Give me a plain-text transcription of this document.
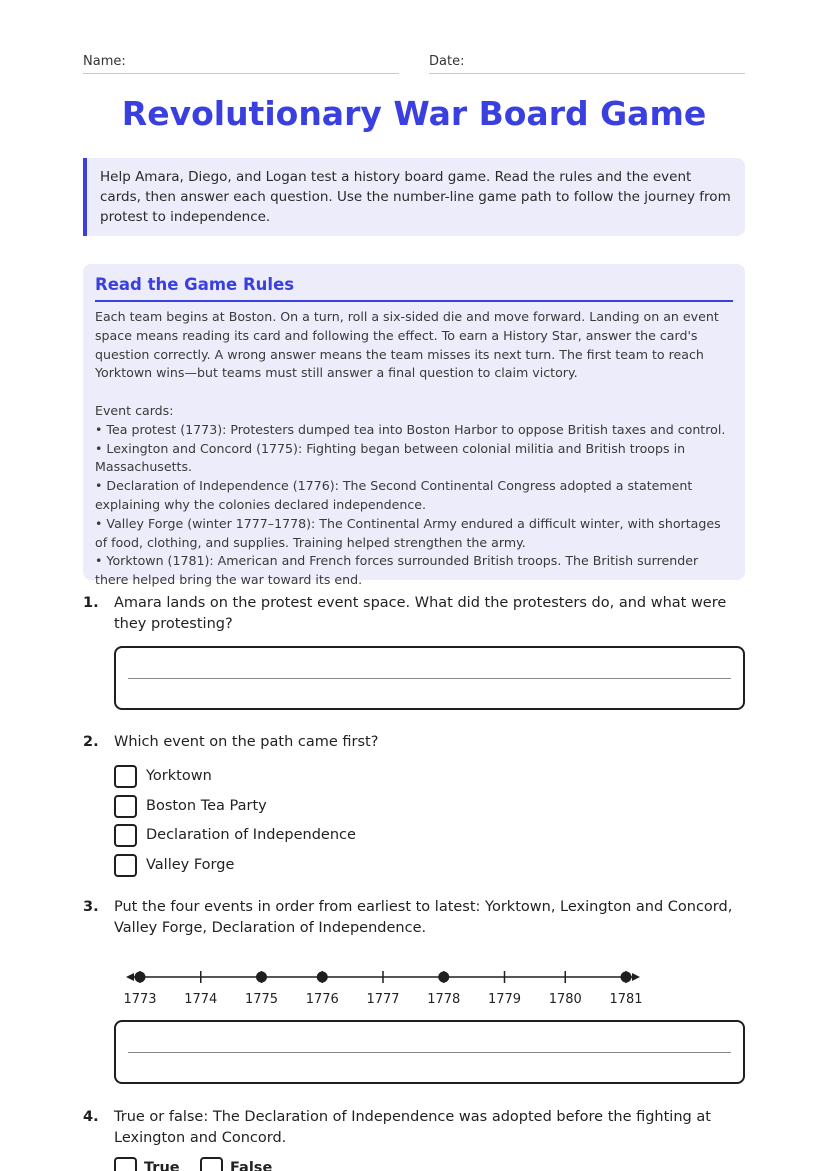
Name:	Date:
Revolutionary War Board Game
Help Amara, Diego, and Logan test a history board game. Read the rules and the event cards, then answer each question. Use the number-line game path to follow the journey from protest to independence.
Read the Game Rules

Each team begins at Boston. On a turn, roll a six-sided die and move forward. Landing on an event space means reading its card and following the effect. To earn a History Star, answer the card's question correctly. A wrong answer means the team misses its next turn. The first team to reach Yorktown wins—but teams must still answer a final question to claim victory.

Event cards:

• Tea protest (1773): Protesters dumped tea into Boston Harbor to oppose British taxes and control.

• Lexington and Concord (1775): Fighting began between colonial militia and British troops in Massachusetts.

• Declaration of Independence (1776): The Second Continental Congress adopted a statement explaining why the colonies declared independence.

• Valley Forge (winter 1777–1778): The Continental Army endured a difficult winter, with shortages of food, clothing, and supplies. Training helped strengthen the army.

• Yorktown (1781): American and French forces surrounded British troops. The British surrender there helped bring the war toward its end.

1. Amara lands on the protest event space. What did the protesters do, and what were they protesting?
2. Which event on the path came first?
Yorktown
Boston Tea Party
Declaration of Independence
Valley Forge
3. Put the four events in order from earliest to latest: Yorktown, Lexington and Concord, Valley Forge, Declaration of Independence.
1773 1774 1775 1776 1777 1778 1779 1780 1781
4. True or false: The Declaration of Independence was adopted before the fighting at Lexington and Concord.
True	False
